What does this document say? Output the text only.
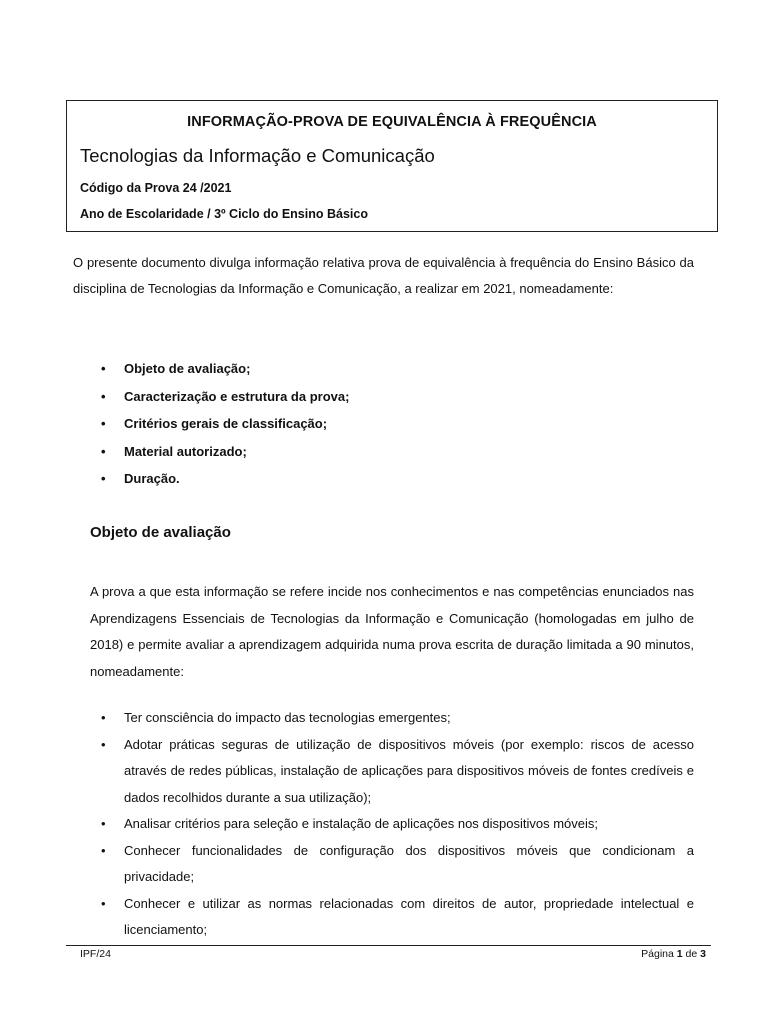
INFORMAÇÃO-PROVA DE EQUIVALÊNCIA À FREQUÊNCIA
Tecnologias da Informação e Comunicação
Código da Prova 24 /2021
Ano de Escolaridade / 3º Ciclo do Ensino Básico
O presente documento divulga informação relativa prova de equivalência à frequência do Ensino Básico da disciplina de Tecnologias da Informação e Comunicação, a realizar em 2021, nomeadamente:
• Objeto de avaliação;
• Caracterização e estrutura da prova;
• Critérios gerais de classificação;
• Material autorizado;
• Duração.
Objeto de avaliação
A prova a que esta informação se refere incide nos conhecimentos e nas competências enunciados nas Aprendizagens Essenciais de Tecnologias da Informação e Comunicação (homologadas em julho de 2018) e permite avaliar a aprendizagem adquirida numa prova escrita de duração limitada a 90 minutos, nomeadamente:
• Ter consciência do impacto das tecnologias emergentes;
• Adotar práticas seguras de utilização de dispositivos móveis (por exemplo: riscos de acesso através de redes públicas, instalação de aplicações para dispositivos móveis de fontes credíveis e dados recolhidos durante a sua utilização);
• Analisar critérios para seleção e instalação de aplicações nos dispositivos móveis;
• Conhecer funcionalidades de configuração dos dispositivos móveis que condicionam a privacidade;
• Conhecer e utilizar as normas relacionadas com direitos de autor, propriedade intelectual e licenciamento;
IPF/24	Página 1 de 3
